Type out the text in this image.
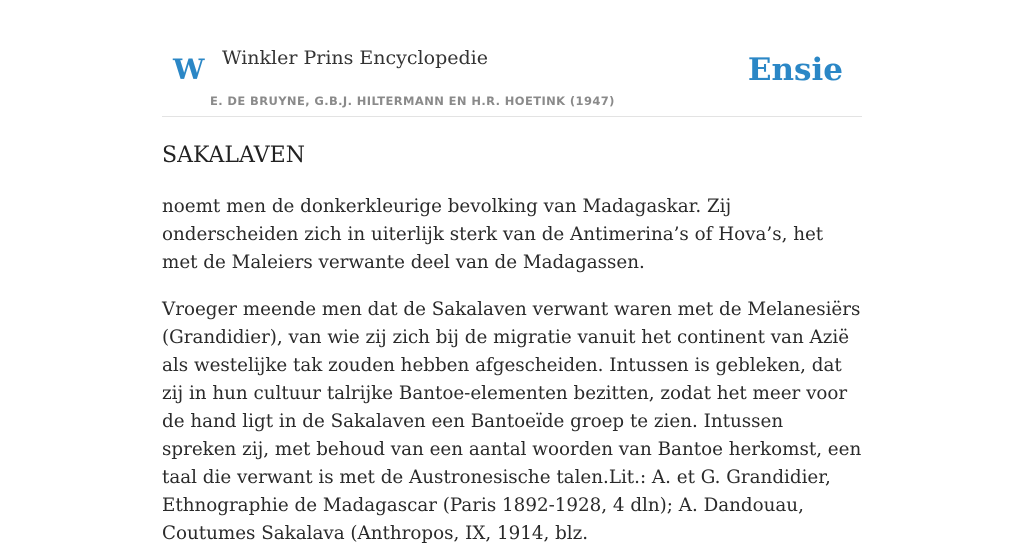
W Winkler Prins Encyclopedie
E. DE BRUYNE, G.B.J. HILTERMANN EN H.R. HOETINK (1947)
Ensie
SAKALAVEN

noemt men de donkerkleurige bevolking van Madagaskar. Zij onderscheiden zich in uiterlijk sterk van de Antimerina’s of Hova’s, het met de Maleiers verwante deel van de Madagassen.

Vroeger meende men dat de Sakalaven verwant waren met de Melanesiërs (Grandidier), van wie zij zich bij de migratie vanuit het continent van Azië als westelijke tak zouden hebben afgescheiden. Intussen is gebleken, dat zij in hun cultuur talrijke Bantoe-elementen bezitten, zodat het meer voor de hand ligt in de Sakalaven een Bantoeïde groep te zien. Intussen spreken zij, met behoud van een aantal woorden van Bantoe herkomst, een taal die verwant is met de Austronesische talen.Lit.: A. et G. Grandidier, Ethnographie de Madagascar (Paris 1892-1928, 4 dln); A. Dandouau, Coutumes Sakalava (Anthropos, IX, 1914, blz.
